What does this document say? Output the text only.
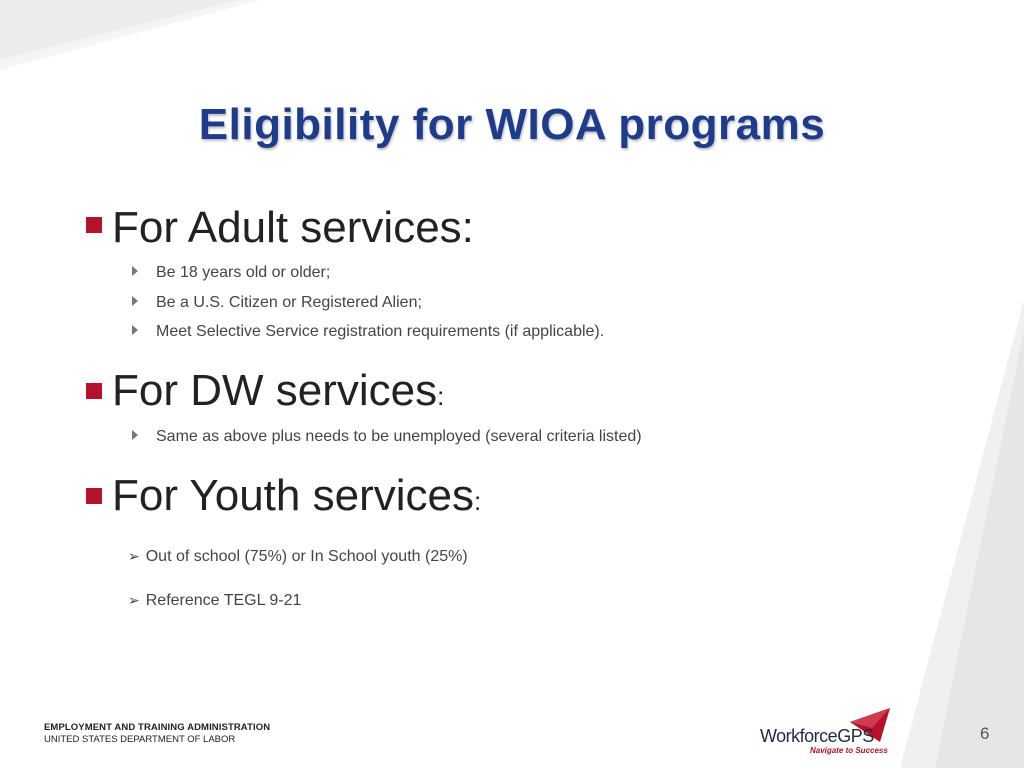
Eligibility for WIOA programs
For Adult services:
Be 18 years old or older;
Be a U.S. Citizen or Registered Alien;
Meet Selective Service registration requirements (if applicable).
For DW services:
Same as above plus needs to be unemployed (several criteria listed)
For Youth services:
➢ Out of school (75%) or In School youth (25%)
➢ Reference TEGL 9-21
EMPLOYMENT AND TRAINING ADMINISTRATION
UNITED STATES DEPARTMENT OF LABOR	WorkforceGPS
Navigate to Success
6
